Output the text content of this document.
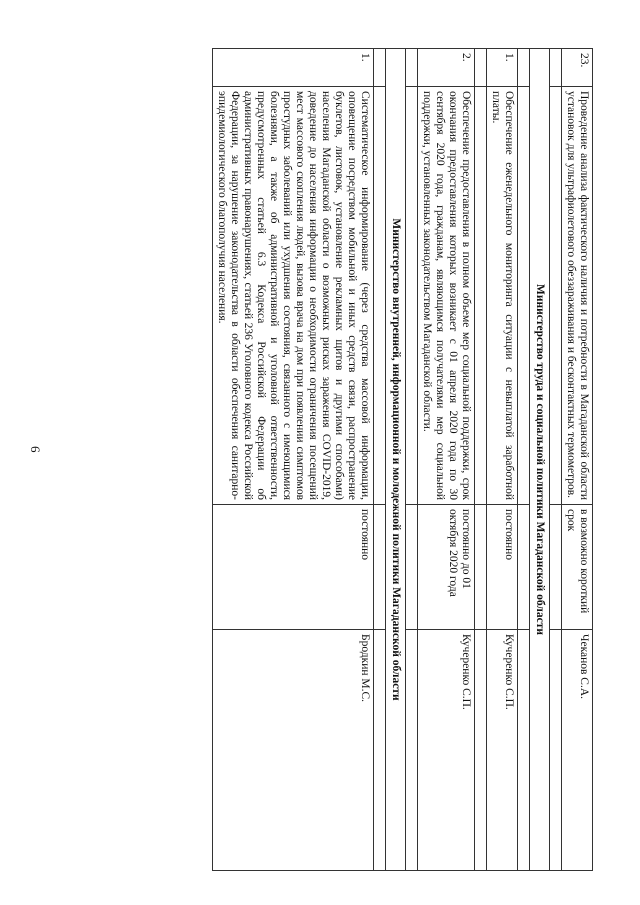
6
23.	Проведение анализа фактического наличия и потребности в Магаданской области установок для ультрафиолетового обеззараживания и бесконтактных термометров.	в возможно короткий срок	Чеканов С.А.

Министерство труда и социальной политики Магаданской области			

1.	Обеспечение еженедельного мониторинга ситуации с невыплатой заработной платы.	постоянно	Кучеренко С.П.

2.	Обеспечение предоставления в полном объеме мер социальной поддержки, срок окончания предоставления которых возникает с 01 апреля 2020 года по 30 сентября 2020 года, гражданам, являющимся получателями мер социальной поддержки, установленных законодательством Магаданской области.	постоянно до 01 октября 2020 года	Кучеренко С.П.

Министерство внутренней, информационной и молодежной политики Магаданской области			

1.	Систематическое информирование (через средства массовой информации, оповещение посредством мобильной и иных средств связи, распространение буклетов, листовок, установление рекламных щитов и другими способами) населения Магаданской области о возможных рисках заражения COVID-2019, доведение до населения информации о необходимости ограничения посещений мест массового скопления людей, вызова врача на дом при появлении симптомов простудных заболеваний или ухудшения состояния, связанного с имеющимися болезнями, а также об административной и уголовной ответственности, предусмотренных статьей 6.3 Кодекса Российской Федерации об административных правонарушениях, статьей 236 Уголовного кодекса Российской Федерации, за нарушение законодательства в области обеспечения санитарно-эпидемиологического благополучия населения.	постоянно	Бродкин М.С.
